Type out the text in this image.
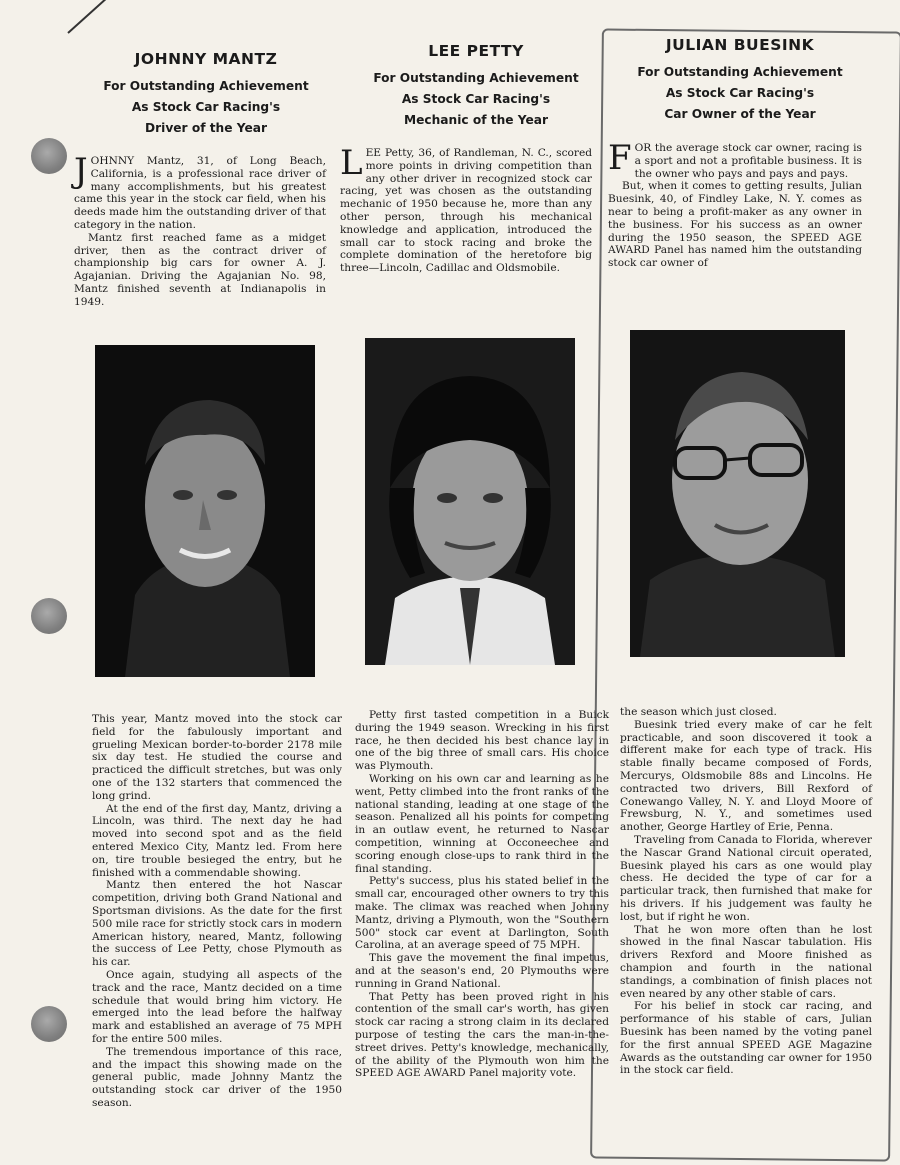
JOHNNY MANTZ
For Outstanding Achievement
As Stock Car Racing's
Driver of the Year

JOHNNY Mantz, 31, of Long Beach, California, is a professional race driver of many accomplishments, but his greatest came this year in the stock car field, when his deeds made him the outstanding driver of that category in the nation.

Mantz first reached fame as a midget driver, then as the contract driver of championship big cars for owner A. J. Agajanian. Driving the Agajanian No. 98, Mantz finished seventh at Indianapolis in 1949.

LEE PETTY
For Outstanding Achievement
As Stock Car Racing's
Mechanic of the Year

LEE Petty, 36, of Randleman, N. C., scored more points in driving competition than any other driver in recognized stock car racing, yet was chosen as the outstanding mechanic of 1950 because he, more than any other person, through his mechanical knowledge and application, introduced the small car to stock racing and broke the complete domination of the heretofore big three—Lincoln, Cadillac and Oldsmobile.

JULIAN BUESINK
For Outstanding Achievement
As Stock Car Racing's
Car Owner of the Year

FOR the average stock car owner, racing is a sport and not a profitable business. It is the owner who pays and pays and pays.

But, when it comes to getting results, Julian Buesink, 40, of Findley Lake, N. Y. comes as near to being a profit-maker as any owner in the business. For his success as an owner during the 1950 season, the SPEED AGE AWARD Panel has named him the outstanding stock car owner of

This year, Mantz moved into the stock car field for the fabulously important and grueling Mexican border-to-border 2178 mile six day test. He studied the course and practiced the difficult stretches, but was only one of the 132 starters that commenced the long grind.

At the end of the first day, Mantz, driving a Lincoln, was third. The next day he had moved into second spot and as the field entered Mexico City, Mantz led. From here on, tire trouble besieged the entry, but he finished with a commendable showing.

Mantz then entered the hot Nascar competition, driving both Grand National and Sportsman divisions. As the date for the first 500 mile race for strictly stock cars in modern American history, neared, Mantz, following the success of Lee Petty, chose Plymouth as his car.

Once again, studying all aspects of the track and the race, Mantz decided on a time schedule that would bring him victory. He emerged into the lead before the halfway mark and established an average of 75 MPH for the entire 500 miles.

The tremendous importance of this race, and the impact this showing made on the general public, made Johnny Mantz the outstanding stock car driver of the 1950 season.

Petty first tasted competition in a Buick during the 1949 season. Wrecking in his first race, he then decided his best chance lay in one of the big three of small cars. His choice was Plymouth.

Working on his own car and learning as he went, Petty climbed into the front ranks of the national standing, leading at one stage of the season. Penalized all his points for competing in an outlaw event, he returned to Nascar competition, winning at Occoneechee and scoring enough close-ups to rank third in the final standing.

Petty's success, plus his stated belief in the small car, encouraged other owners to try this make. The climax was reached when Johnny Mantz, driving a Plymouth, won the "Southern 500" stock car event at Darlington, South Carolina, at an average speed of 75 MPH.

This gave the movement the final impetus, and at the season's end, 20 Plymouths were running in Grand National.

That Petty has been proved right in his contention of the small car's worth, has given stock car racing a strong claim in its declared purpose of testing the cars the man-in-the-street drives. Petty's knowledge, mechanically, of the ability of the Plymouth won him the SPEED AGE AWARD Panel majority vote.

the season which just closed.

Buesink tried every make of car he felt practicable, and soon discovered it took a different make for each type of track. His stable finally became composed of Fords, Mercurys, Oldsmobile 88s and Lincolns. He contracted two drivers, Bill Rexford of Conewango Valley, N. Y. and Lloyd Moore of Frewsburg, N. Y., and sometimes used another, George Hartley of Erie, Penna.

Traveling from Canada to Florida, wherever the Nascar Grand National circuit operated, Buesink played his cars as one would play chess. He decided the type of car for a particular track, then furnished that make for his drivers. If his judgement was faulty he lost, but if right he won.

That he won more often than he lost showed in the final Nascar tabulation. His drivers Rexford and Moore finished as champion and fourth in the national standings, a combination of finish places not even neared by any other stable of cars.

For his belief in stock car racing, and performance of his stable of cars, Julian Buesink has been named by the voting panel for the first annual SPEED AGE Magazine Awards as the outstanding car owner for 1950 in the stock car field.
